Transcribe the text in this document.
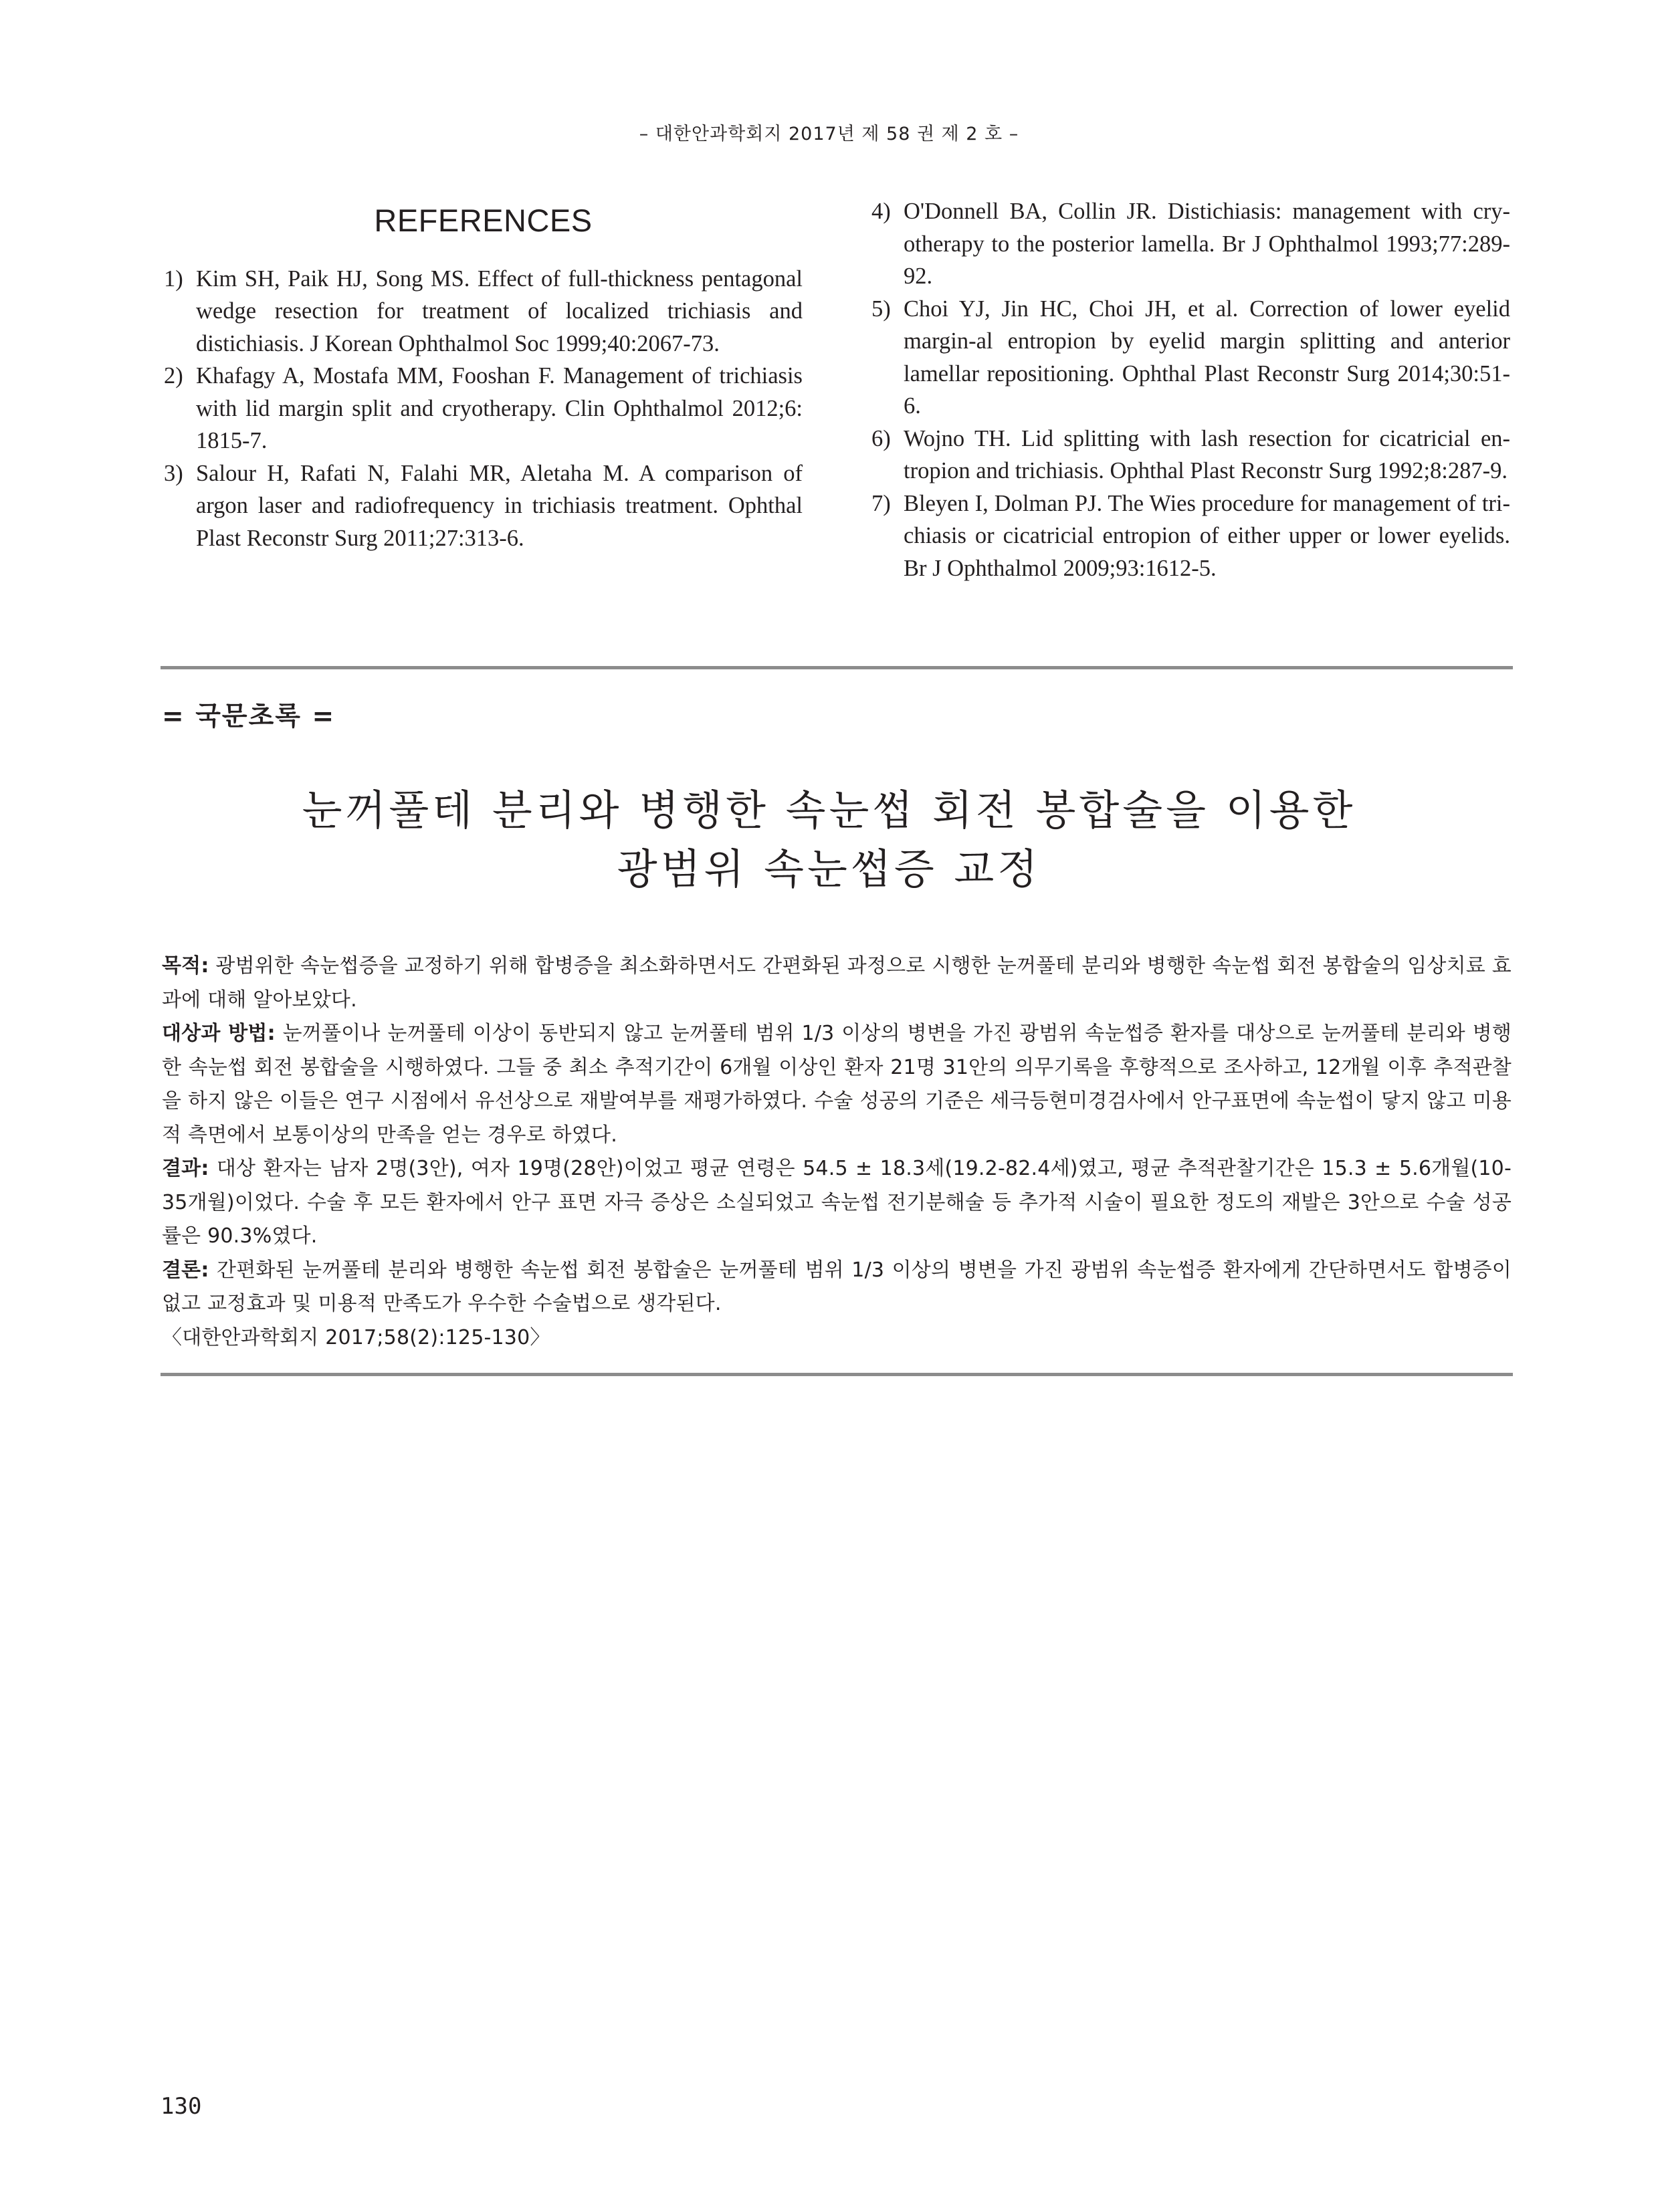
– 대한안과학회지 2017년 제 58 권 제 2 호 –
REFERENCES
1) Kim SH, Paik HJ, Song MS. Effect of full-thickness pentagonal wedge resection for treatment of localized trichiasis and distichiasis. J Korean Ophthalmol Soc 1999;40:2067-73.
2) Khafagy A, Mostafa MM, Fooshan F. Management of trichiasis with lid margin split and cryotherapy. Clin Ophthalmol 2012;6: 1815-7.
3) Salour H, Rafati N, Falahi MR, Aletaha M. A comparison of argon laser and radiofrequency in trichiasis treatment. Ophthal Plast Reconstr Surg 2011;27:313-6.
4) O'Donnell BA, Collin JR. Distichiasis: management with cry-otherapy to the posterior lamella. Br J Ophthalmol 1993;77:289- 92.
5) Choi YJ, Jin HC, Choi JH, et al. Correction of lower eyelid margin-al entropion by eyelid margin splitting and anterior lamellar repositioning. Ophthal Plast Reconstr Surg 2014;30:51-6.
6) Wojno TH. Lid splitting with lash resection for cicatricial en-tropion and trichiasis. Ophthal Plast Reconstr Surg 1992;8:287-9.
7) Bleyen I, Dolman PJ. The Wies procedure for management of tri-chiasis or cicatricial entropion of either upper or lower eyelids. Br J Ophthalmol 2009;93:1612-5.
= 국문초록 =
눈꺼풀테 분리와 병행한 속눈썹 회전 봉합술을 이용한
광범위 속눈썹증 교정

목적: 광범위한 속눈썹증을 교정하기 위해 합병증을 최소화하면서도 간편화된 과정으로 시행한 눈꺼풀테 분리와 병행한 속눈썹 회전 봉합술의 임상치료 효과에 대해 알아보았다.

대상과 방법: 눈꺼풀이나 눈꺼풀테 이상이 동반되지 않고 눈꺼풀테 범위 1/3 이상의 병변을 가진 광범위 속눈썹증 환자를 대상으로 눈꺼풀테 분리와 병행한 속눈썹 회전 봉합술을 시행하였다. 그들 중 최소 추적기간이 6개월 이상인 환자 21명 31안의 의무기록을 후향적으로 조사하고, 12개월 이후 추적관찰을 하지 않은 이들은 연구 시점에서 유선상으로 재발여부를 재평가하였다. 수술 성공의 기준은 세극등현미경검사에서 안구표면에 속눈썹이 닿지 않고 미용적 측면에서 보통이상의 만족을 얻는 경우로 하였다.

결과: 대상 환자는 남자 2명(3안), 여자 19명(28안)이었고 평균 연령은 54.5 ± 18.3세(19.2-82.4세)였고, 평균 추적관찰기간은 15.3 ± 5.6개월(10-35개월)이었다. 수술 후 모든 환자에서 안구 표면 자극 증상은 소실되었고 속눈썹 전기분해술 등 추가적 시술이 필요한 정도의 재발은 3안으로 수술 성공률은 90.3%였다.

결론: 간편화된 눈꺼풀테 분리와 병행한 속눈썹 회전 봉합술은 눈꺼풀테 범위 1/3 이상의 병변을 가진 광범위 속눈썹증 환자에게 간단하면서도 합병증이 없고 교정효과 및 미용적 만족도가 우수한 수술법으로 생각된다.

〈대한안과학회지 2017;58(2):125-130〉

130
